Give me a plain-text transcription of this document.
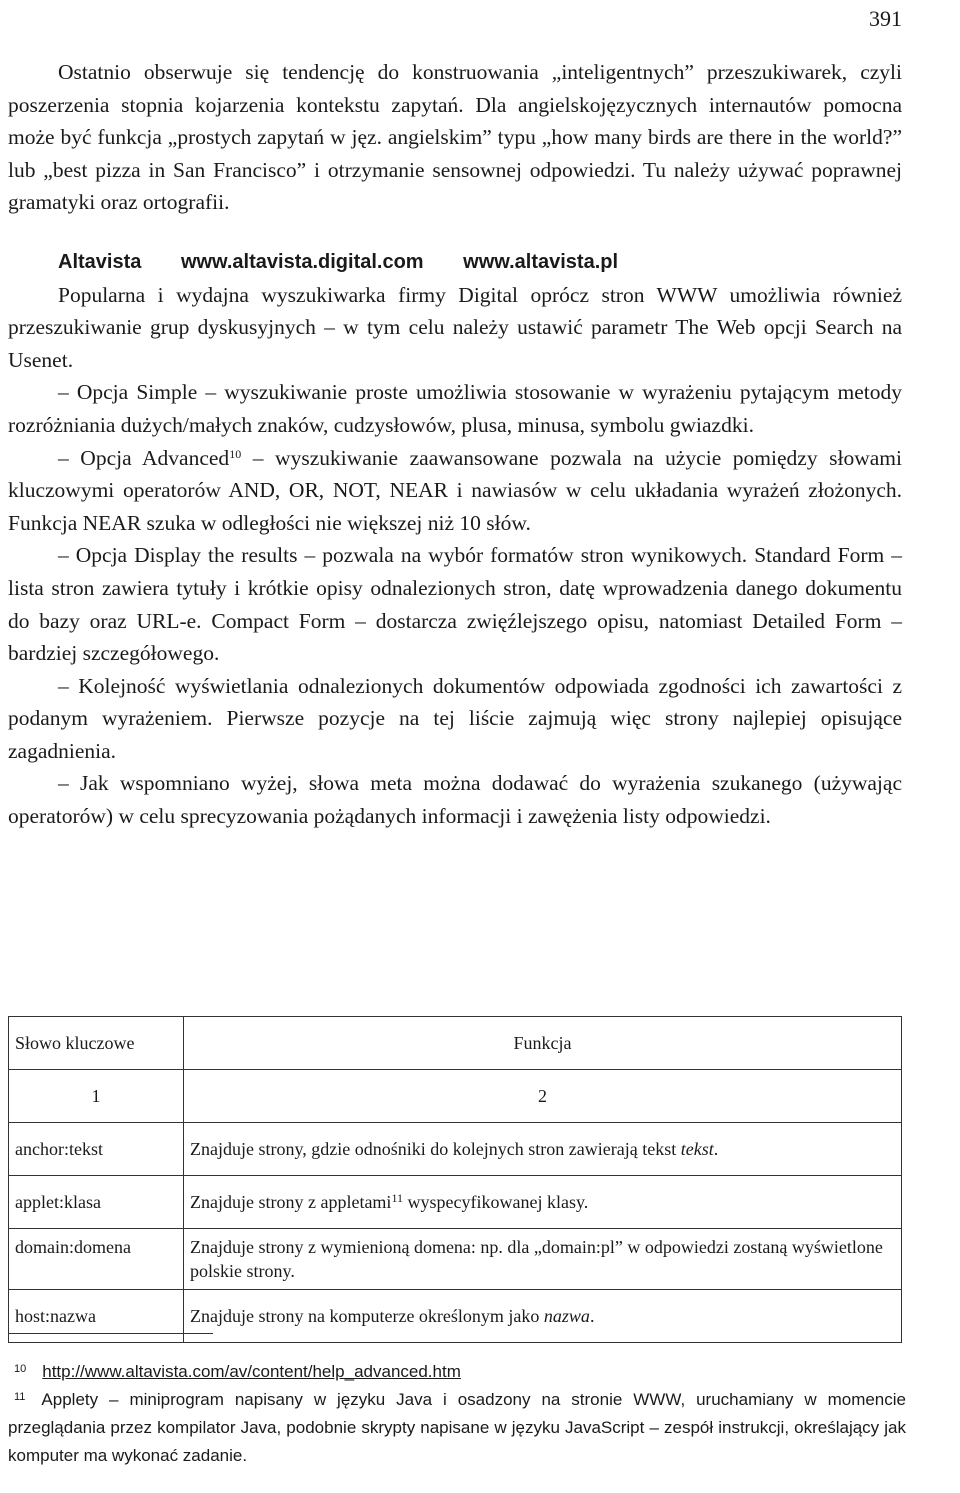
391

Ostatnio obserwuje się tendencję do konstruowania „inteligentnych” przeszukiwarek, czyli poszerzenia stopnia kojarzenia kontekstu zapytań. Dla angielskojęzycznych internautów pomocna może być funkcja „prostych zapytań w jęz. angielskim” typu „how many birds are there in the world?” lub „best pizza in San Francisco” i otrzymanie sensownej odpowiedzi. Tu należy używać poprawnej gramatyki oraz ortografii.

Altavista www.altavista.digital.com www.altavista.pl

Popularna i wydajna wyszukiwarka firmy Digital oprócz stron WWW umożliwia również przeszukiwanie grup dyskusyjnych – w tym celu należy ustawić parametr The Web opcji Search na Usenet.

– Opcja Simple – wyszukiwanie proste umożliwia stosowanie w wyrażeniu pytającym metody rozróżniania dużych/małych znaków, cudzysłowów, plusa, minusa, symbolu gwiazdki.

– Opcja Advanced$^{10}$ – wyszukiwanie zaawansowane pozwala na użycie pomiędzy słowami kluczowymi operatorów AND, OR, NOT, NEAR i nawiasów w celu układania wyrażeń złożonych. Funkcja NEAR szuka w odległości nie większej niż 10 słów.

– Opcja Display the results – pozwala na wybór formatów stron wynikowych. Standard Form – lista stron zawiera tytuły i krótkie opisy odnalezionych stron, datę wprowadzenia danego dokumentu do bazy oraz URL-e. Compact Form – dostarcza zwięźlejszego opisu, natomiast Detailed Form – bardziej szczegółowego.

– Kolejność wyświetlania odnalezionych dokumentów odpowiada zgodności ich zawartości z podanym wyrażeniem. Pierwsze pozycje na tej liście zajmują więc strony najlepiej opisujące zagadnienia.

– Jak wspomniano wyżej, słowa meta można dodawać do wyrażenia szukanego (używając operatorów) w celu sprecyzowania pożądanych informacji i zawężenia listy odpowiedzi.

Słowo kluczowe	Funkcja
1	2
anchor:tekst	Znajduje strony, gdzie odnośniki do kolejnych stron zawierają tekst tekst.
applet:klasa	Znajduje strony z appletami$^{11}$ wyspecyfikowanej klasy.
domain:domena	Znajduje strony z wymienioną domena: np. dla „domain:pl” w odpowiedzi zostaną wyświetlone polskie strony.
host:nazwa	Znajduje strony na komputerze określonym jako nazwa.

$^{10}$ http://www.altavista.com/av/content/help_advanced.htm

$^{11}$ Applety – miniprogram napisany w języku Java i osadzony na stronie WWW, uruchamiany w momencie przeglądania przez kompilator Java, podobnie skrypty napisane w języku JavaScript – zespół instrukcji, określający jak komputer ma wykonać zadanie.
